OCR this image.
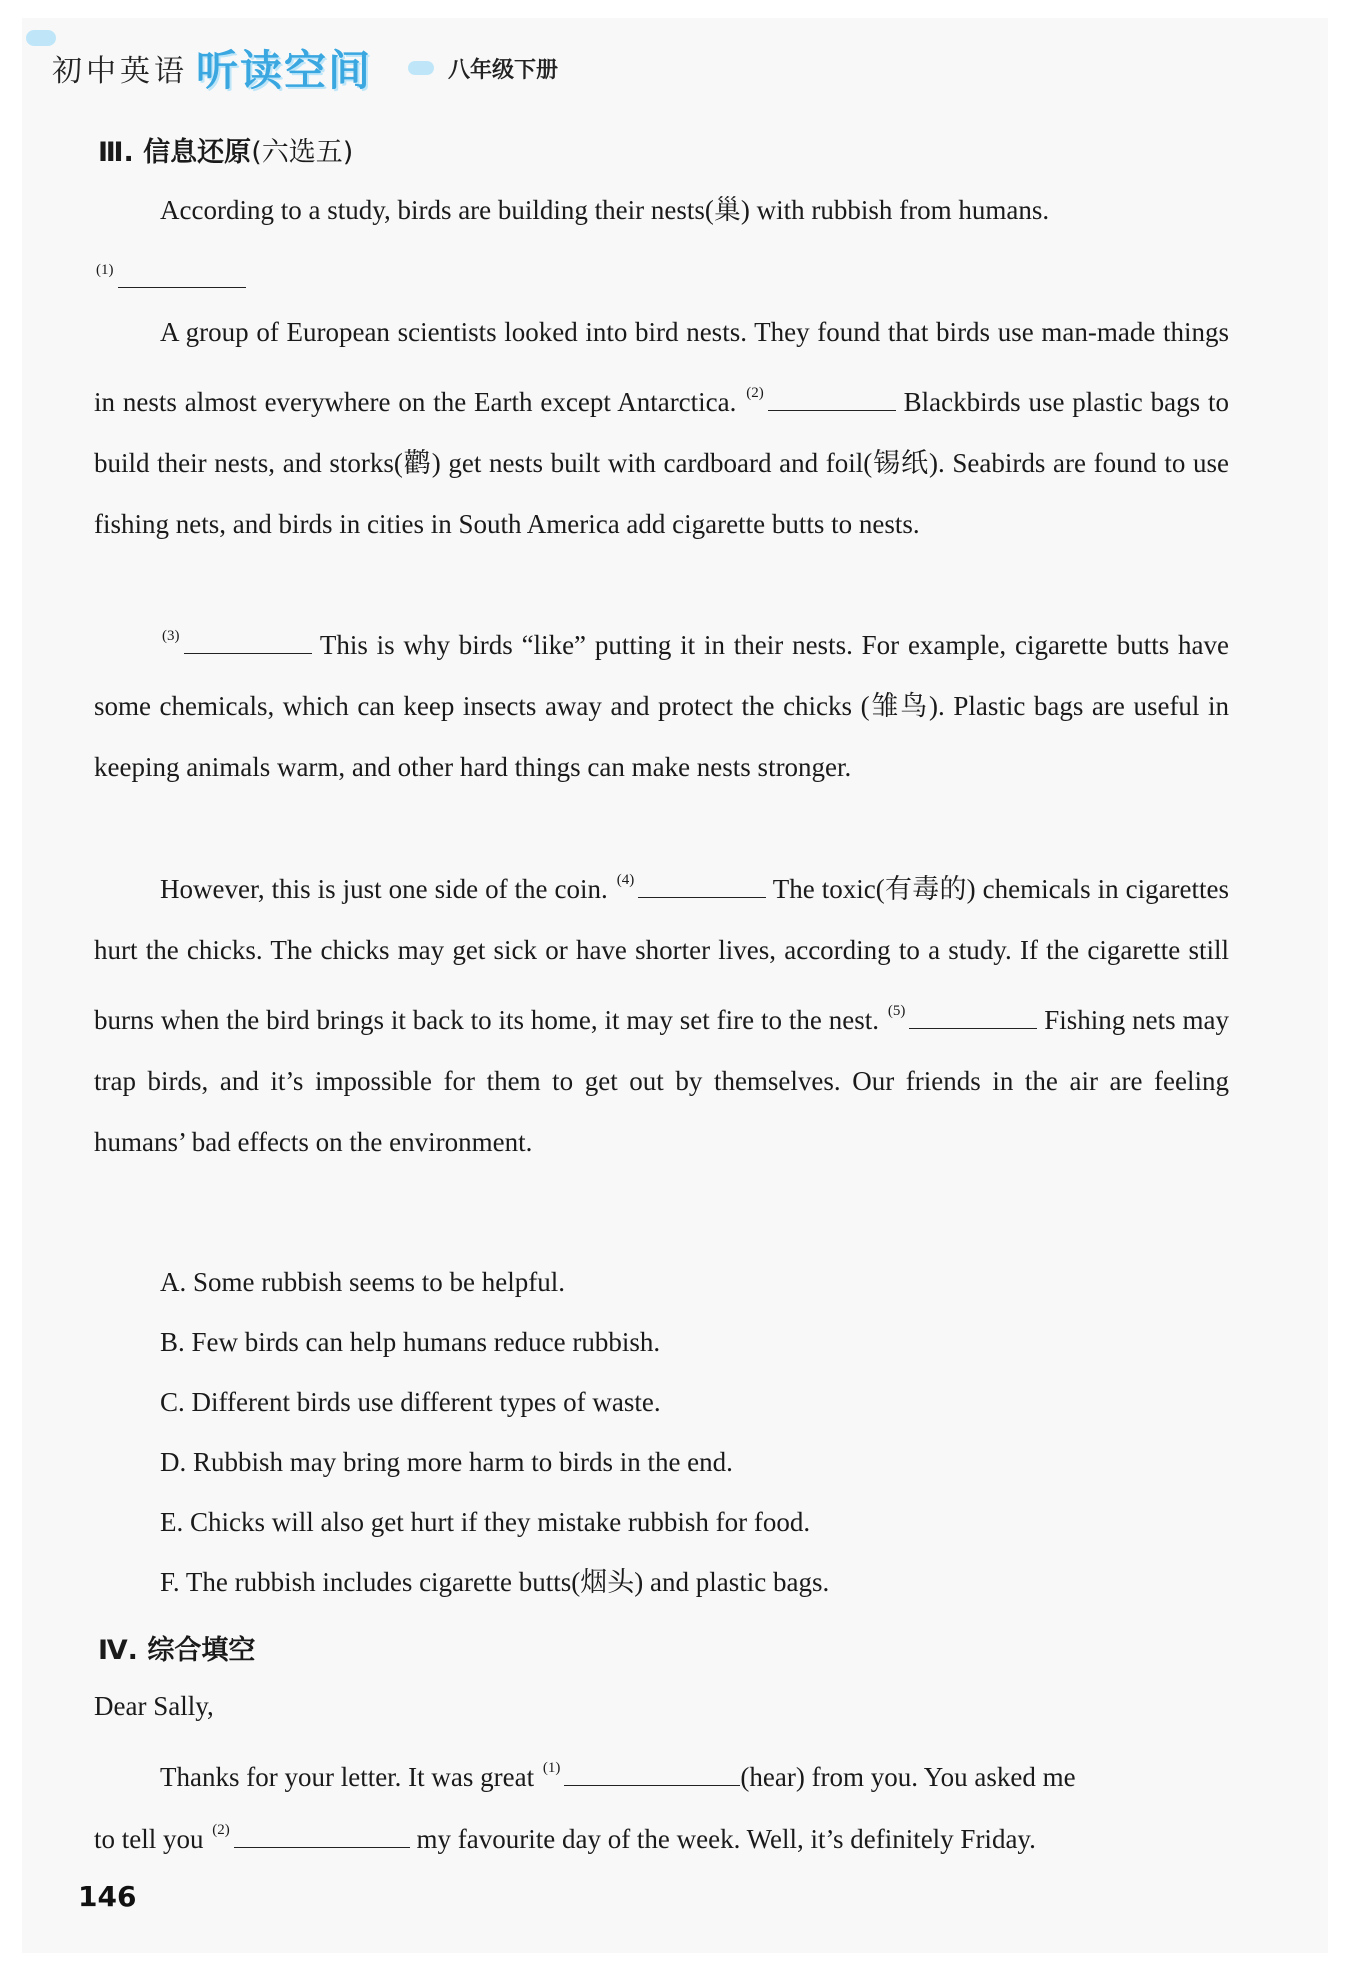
初中英语 听读空间	八年级下册
Ⅲ. 信息还原(六选五)
According to a study, birds are building their nests(巢) with rubbish from humans.
$^{(1)}$
A group of European scientists looked into bird nests. They found that birds use man-made things in nests almost everywhere on the Earth except Antarctica. $^{(2)}$	Blackbirds use plastic bags to build their nests, and storks(鹳) get nests built with cardboard and foil(锡纸). Seabirds are found to use fishing nets, and birds in cities in South America add cigarette butts to nests.
$^{(3)}$	This is why birds “like” putting it in their nests. For example, cigarette butts have some chemicals, which can keep insects away and protect the chicks (雏鸟). Plastic bags are useful in keeping animals warm, and other hard things can make nests stronger.
However, this is just one side of the coin. $^{(4)}$	The toxic(有毒的) chemicals in cigarettes hurt the chicks. The chicks may get sick or have shorter lives, according to a study. If the cigarette still burns when the bird brings it back to its home, it may set fire to the nest. $^{(5)}$	Fishing nets may trap birds, and it’s impossible for them to get out by themselves. Our friends in the air are feeling humans’ bad effects on the environment.
A. Some rubbish seems to be helpful.
B. Few birds can help humans reduce rubbish.
C. Different birds use different types of waste.
D. Rubbish may bring more harm to birds in the end.
E. Chicks will also get hurt if they mistake rubbish for food.
F. The rubbish includes cigarette butts(烟头) and plastic bags.
Ⅳ. 综合填空
Dear Sally,
Thanks for your letter. It was great $^{(1)}$	(hear) from you. You asked me
to tell you $^{(2)}$	my favourite day of the week. Well, it’s definitely Friday.
146
